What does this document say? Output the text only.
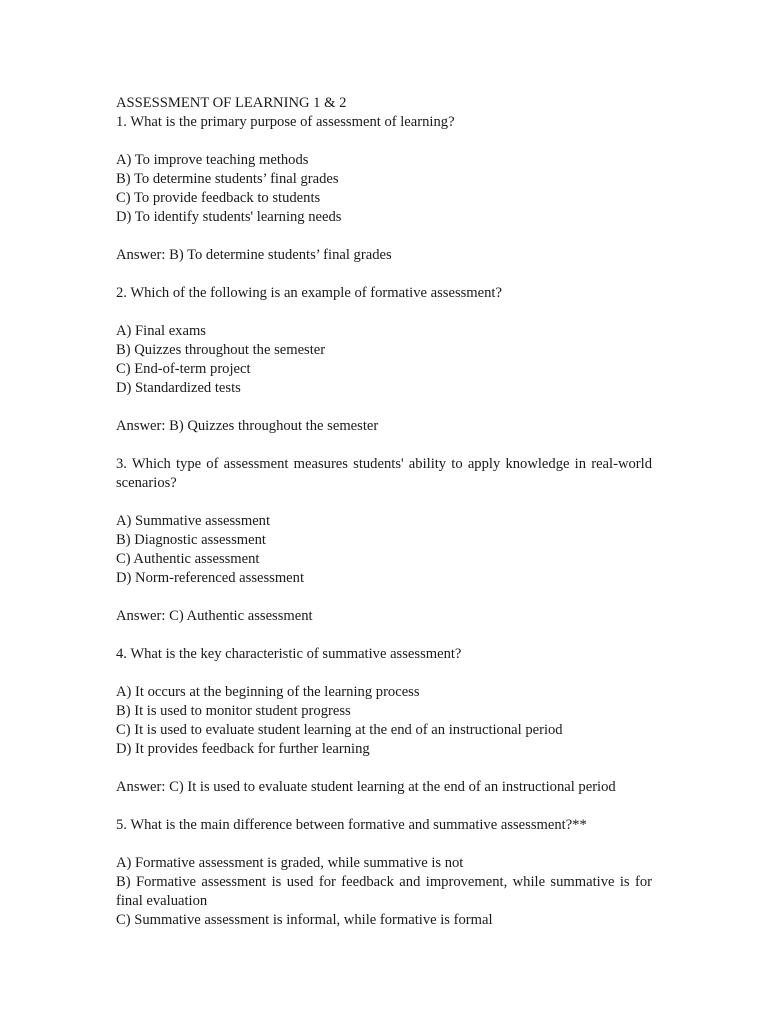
ASSESSMENT OF LEARNING 1 & 2
1. What is the primary purpose of assessment of learning?
A) To improve teaching methods
B) To determine students’ final grades
C) To provide feedback to students
D) To identify students' learning needs
Answer: B) To determine students’ final grades
2. Which of the following is an example of formative assessment?
A) Final exams
B) Quizzes throughout the semester
C) End-of-term project
D) Standardized tests
Answer: B) Quizzes throughout the semester
3. Which type of assessment measures students' ability to apply knowledge in real-world scenarios?
A) Summative assessment
B) Diagnostic assessment
C) Authentic assessment
D) Norm-referenced assessment
Answer: C) Authentic assessment
4. What is the key characteristic of summative assessment?
A) It occurs at the beginning of the learning process
B) It is used to monitor student progress
C) It is used to evaluate student learning at the end of an instructional period
D) It provides feedback for further learning
Answer: C) It is used to evaluate student learning at the end of an instructional period
5. What is the main difference between formative and summative assessment?**
A) Formative assessment is graded, while summative is not
B) Formative assessment is used for feedback and improvement, while summative is for final evaluation
C) Summative assessment is informal, while formative is formal
